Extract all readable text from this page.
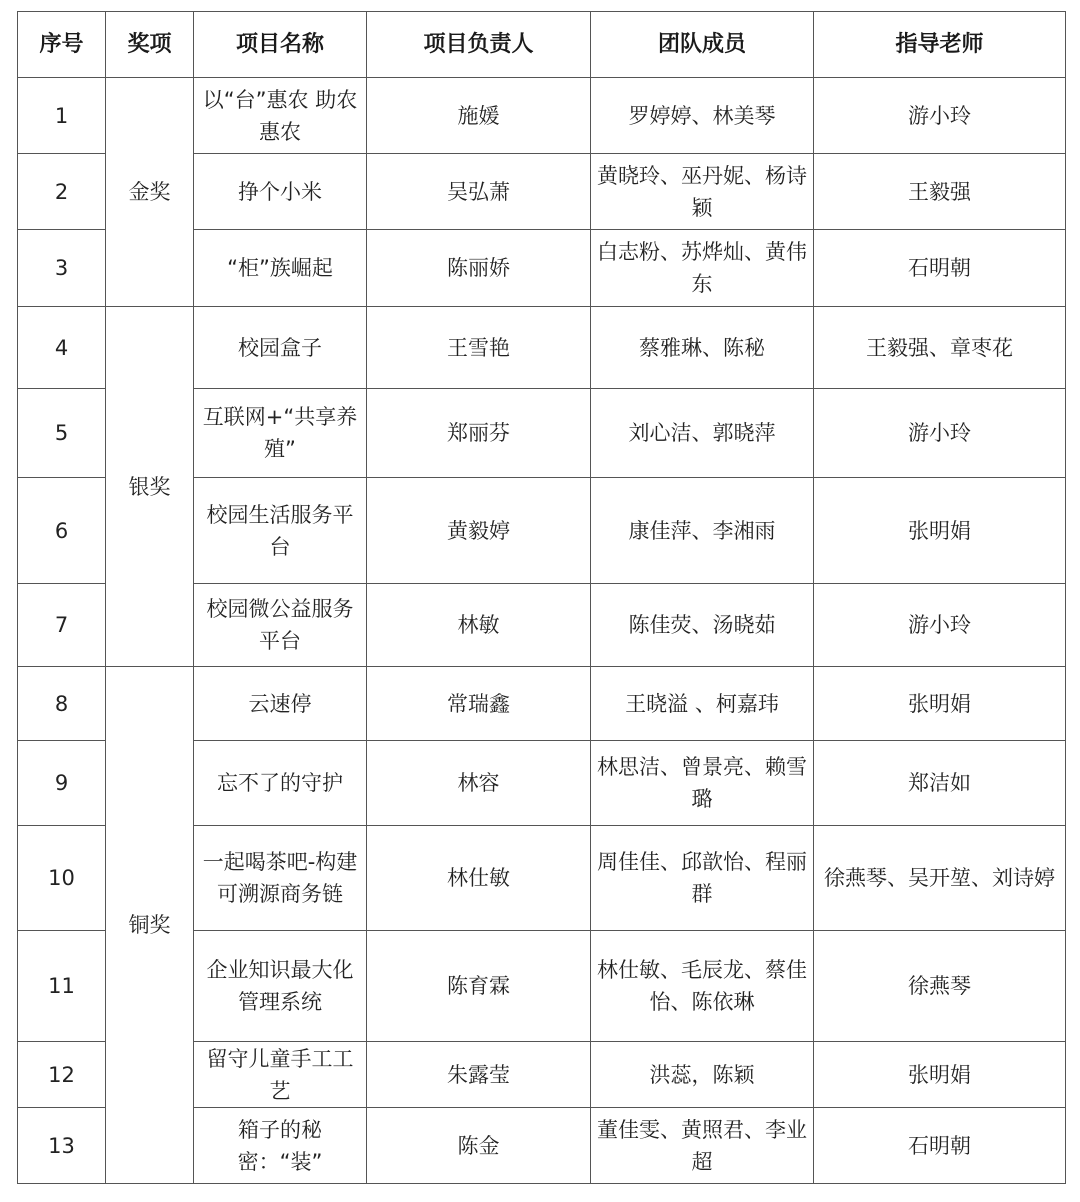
序号	奖项	项目名称	项目负责人	团队成员	指导老师
1	金奖	以“台”惠农 助农惠农	施媛	罗婷婷、林美琴	游小玲
2		挣个小米	吴弘萧	黄晓玲、巫丹妮、杨诗颖	王毅强
3		“柜”族崛起	陈丽娇	白志粉、苏烨灿、黄伟东	石明朝
4	银奖	校园盒子	王雪艳	蔡雅琳、陈秘	王毅强、章枣花
5		互联网+“共享养殖”	郑丽芬	刘心洁、郭晓萍	游小玲
6		校园生活服务平台	黄毅婷	康佳萍、李湘雨	张明娟
7		校园微公益服务平台	林敏	陈佳荧、汤晓茹	游小玲
8	铜奖	云速停	常瑞鑫	王晓溢 、柯嘉玮	张明娟
9		忘不了的守护	林容	林思洁、曾景亮、赖雪璐	郑洁如
10		一起喝茶吧-构建可溯源商务链	林仕敏	周佳佳、邱歆怡、程丽群	徐燕琴、吴开堃、刘诗婷
11		企业知识最大化管理系统	陈育霖	林仕敏、毛辰龙、蔡佳怡、陈依琳	徐燕琴
12		留守儿童手工工艺	朱露莹	洪蕊，陈颖	张明娟
13		箱子的秘密：“装”	陈金	董佳雯、黄照君、李业超	石明朝
